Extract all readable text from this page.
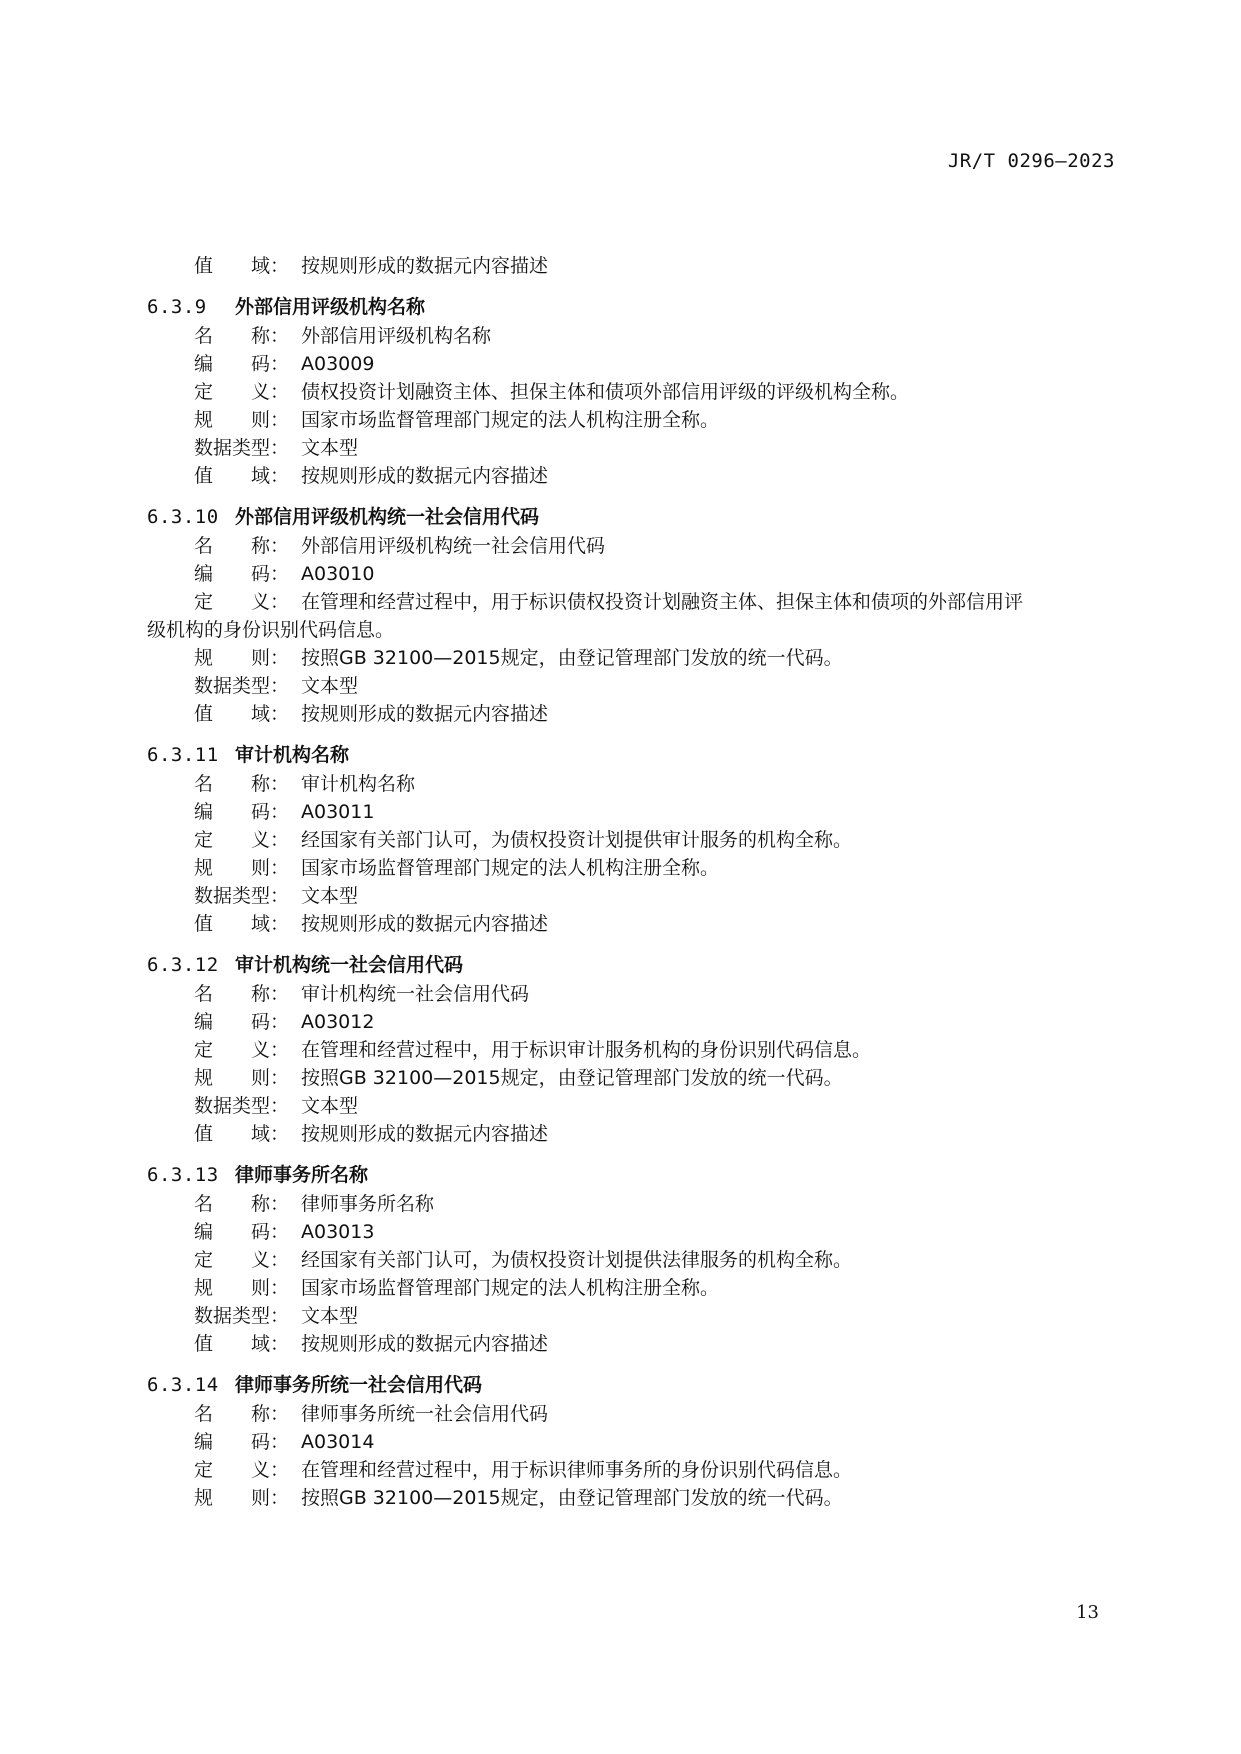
JR/T 0296—2023
值　　域： 按规则形成的数据元内容描述
6.3.9	外部信用评级机构名称
名　　称： 外部信用评级机构名称
编　　码： A03009
定　　义： 债权投资计划融资主体、担保主体和债项外部信用评级的评级机构全称。
规　　则： 国家市场监督管理部门规定的法人机构注册全称。
数据类型： 文本型
值　　域： 按规则形成的数据元内容描述
6.3.10 外部信用评级机构统一社会信用代码
名　　称： 外部信用评级机构统一社会信用代码
编　　码： A03010
定　　义： 在管理和经营过程中，用于标识债权投资计划融资主体、担保主体和债项的外部信用评
级机构的身份识别代码信息。
规　　则： 按照GB 32100—2015规定，由登记管理部门发放的统一代码。
数据类型： 文本型
值　　域： 按规则形成的数据元内容描述
6.3.11 审计机构名称
名　　称： 审计机构名称
编　　码： A03011
定　　义： 经国家有关部门认可，为债权投资计划提供审计服务的机构全称。
规　　则： 国家市场监督管理部门规定的法人机构注册全称。
数据类型： 文本型
值　　域： 按规则形成的数据元内容描述
6.3.12 审计机构统一社会信用代码
名　　称： 审计机构统一社会信用代码
编　　码： A03012
定　　义： 在管理和经营过程中，用于标识审计服务机构的身份识别代码信息。
规　　则： 按照GB 32100—2015规定，由登记管理部门发放的统一代码。
数据类型： 文本型
值　　域： 按规则形成的数据元内容描述
6.3.13 律师事务所名称
名　　称： 律师事务所名称
编　　码： A03013
定　　义： 经国家有关部门认可，为债权投资计划提供法律服务的机构全称。
规　　则： 国家市场监督管理部门规定的法人机构注册全称。
数据类型： 文本型
值　　域： 按规则形成的数据元内容描述
6.3.14 律师事务所统一社会信用代码
名　　称： 律师事务所统一社会信用代码
编　　码： A03014
定　　义： 在管理和经营过程中，用于标识律师事务所的身份识别代码信息。
规　　则： 按照GB 32100—2015规定，由登记管理部门发放的统一代码。
13
